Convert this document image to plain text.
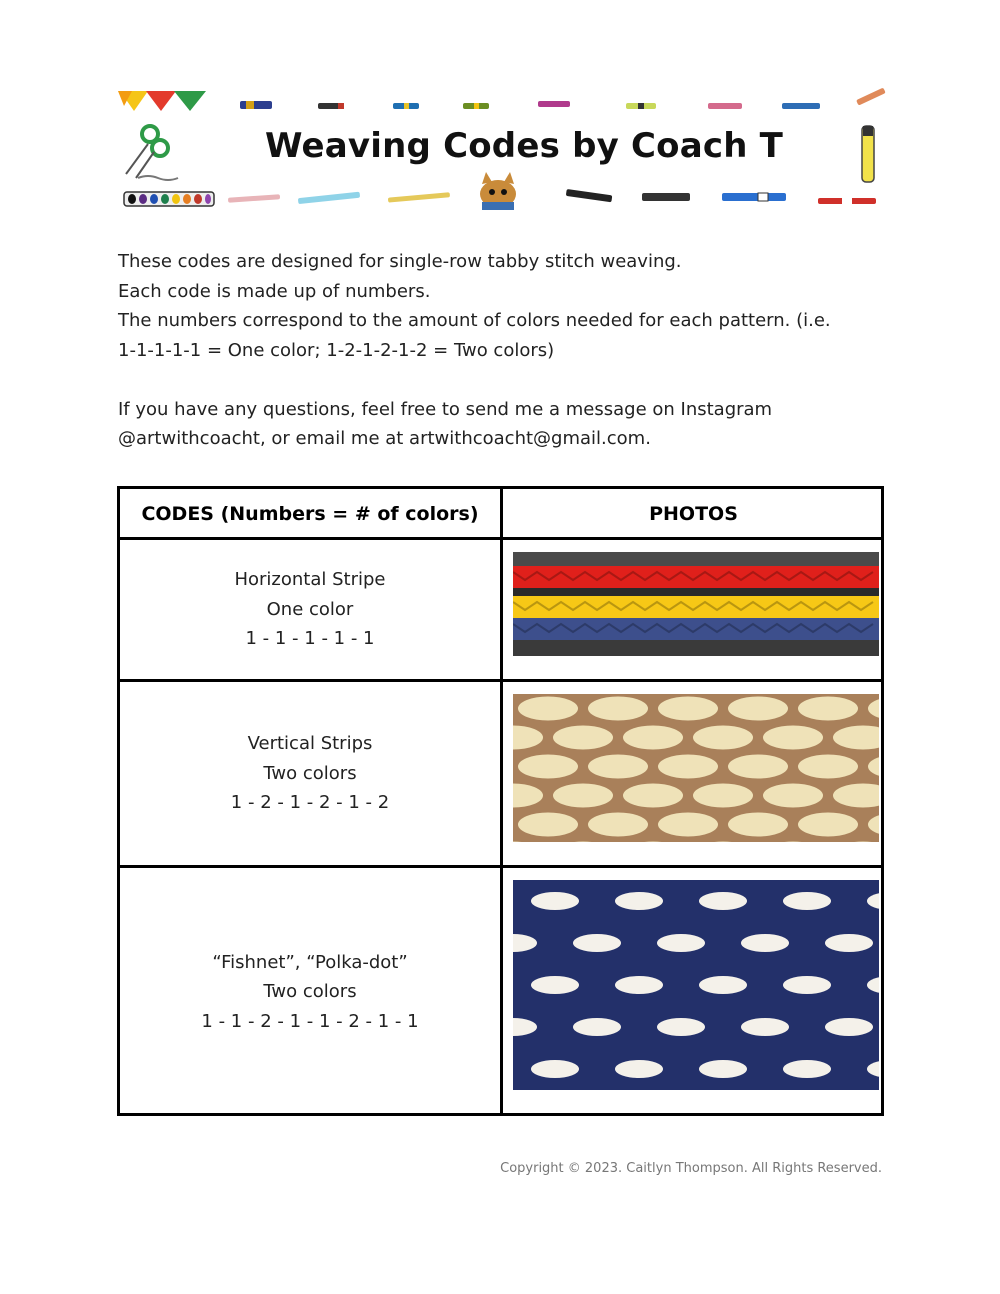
Weaving Codes by Coach T

These codes are designed for single-row tabby stitch weaving.

Each code is made up of numbers.

The numbers correspond to the amount of colors needed for each pattern. (i.e.

1-1-1-1-1 = One color; 1-2-1-2-1-2 = Two colors)

If you have any questions, feel free to send me a message on Instagram

@artwithcoacht, or email me at artwithcoacht@gmail.com.

CODES (Numbers = # of colors)	PHOTOS
Horizontal Stripe
One color
1 - 1 - 1 - 1 - 1
Vertical Strips
Two colors
1 - 2 - 1 - 2 - 1 - 2
“Fishnet”, “Polka-dot”
Two colors
1 - 1 - 2 - 1 - 1 - 2 - 1 - 1
Copyright © 2023. Caitlyn Thompson. All Rights Reserved.
